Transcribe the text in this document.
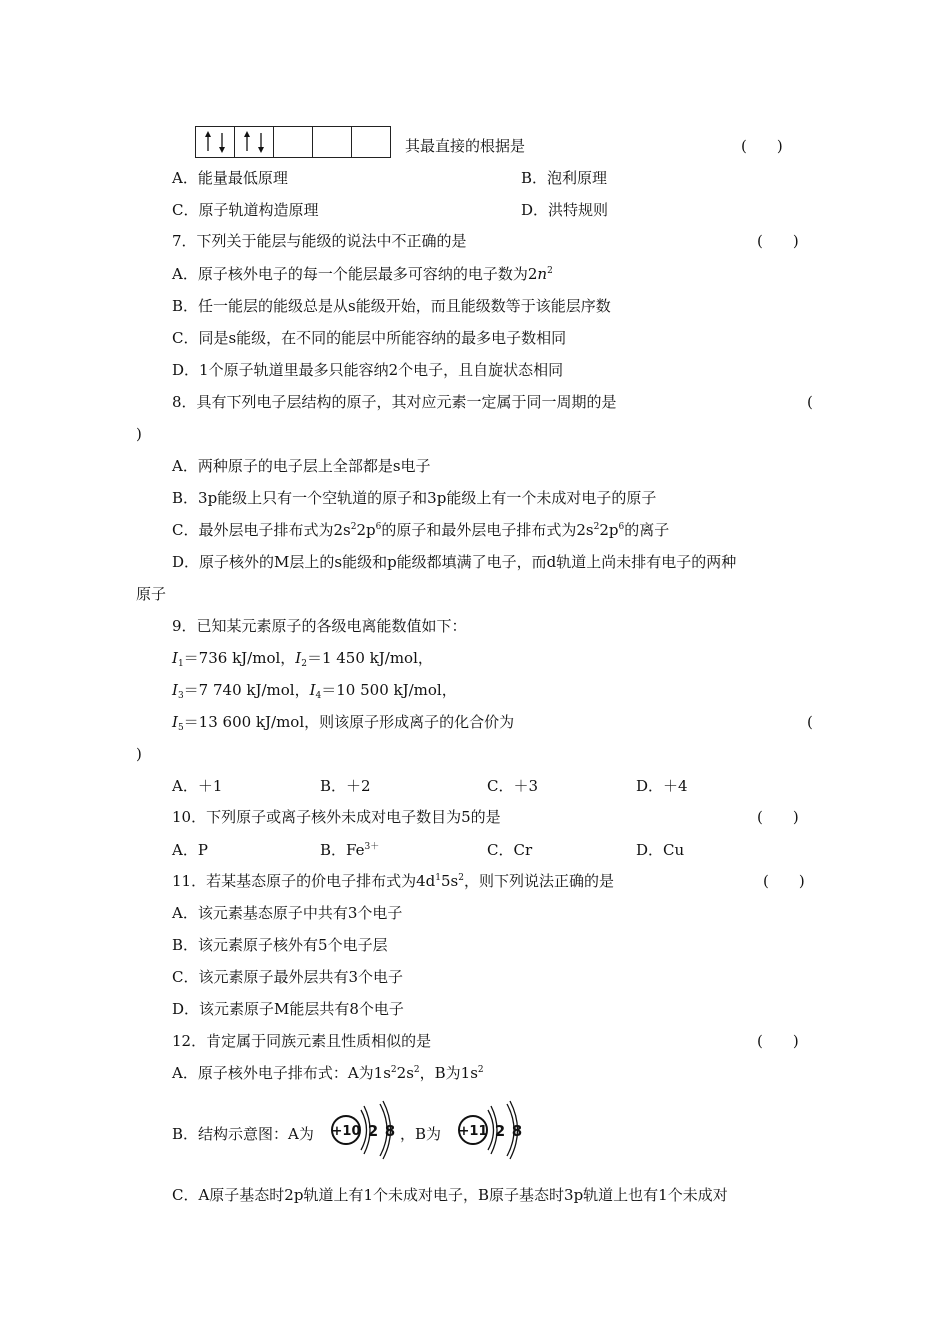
其最直接的根据是	(　　)
A．能量最低原理	B．泡利原理
C．原子轨道构造原理	D．洪特规则
7．下列关于能层与能级的说法中不正确的是	(　　)
A．原子核外电子的每一个能层最多可容纳的电子数为$2n^2$
B．任一能层的能级总是从s能级开始，而且能级数等于该能层序数
C．同是s能级，在不同的能层中所能容纳的最多电子数相同
D．1个原子轨道里最多只能容纳2个电子，且自旋状态相同
8．具有下列电子层结构的原子，其对应元素一定属于同一周期的是	(
)
A．两种原子的电子层上全部都是s电子
B．3p能级上只有一个空轨道的原子和3p能级上有一个未成对电子的原子
C．最外层电子排布式为$2s^22p^6$的原子和最外层电子排布式为$2s^22p^6$的离子
D．原子核外的M层上的s能级和p能级都填满了电子，而d轨道上尚未排有电子的两种
原子
9．已知某元素原子的各级电离能数值如下：
$I_1=736$ kJ/mol，$I_2=1$ 450 kJ/mol，
$I_3=7$ 740 kJ/mol，$I_4=10$ 500 kJ/mol，
$I_5=13$ 600 kJ/mol，则该原子形成离子的化合价为	(
)
A．＋1	B．＋2	C．＋3	D．＋4
10．下列原子或离子核外未成对电子数目为5的是	(　　)
A．P	B．$Fe^{3+}$	C．Cr	D．Cu
11．若某基态原子的价电子排布式为$4d^15s^2$，则下列说法正确的是	(　　)
A．该元素基态原子中共有3个电子
B．该元素原子核外有5个电子层
C．该元素原子最外层共有3个电子
D．该元素原子M能层共有8个电子
12．肯定属于同族元素且性质相似的是	(　　)
A．原子核外电子排布式：A为$1s^22s^2$，B为$1s^2$
B．结构示意图：A为 +10 2 8 ，B为 +11 2 8
C．A原子基态时2p轨道上有1个未成对电子，B原子基态时3p轨道上也有1个未成对
